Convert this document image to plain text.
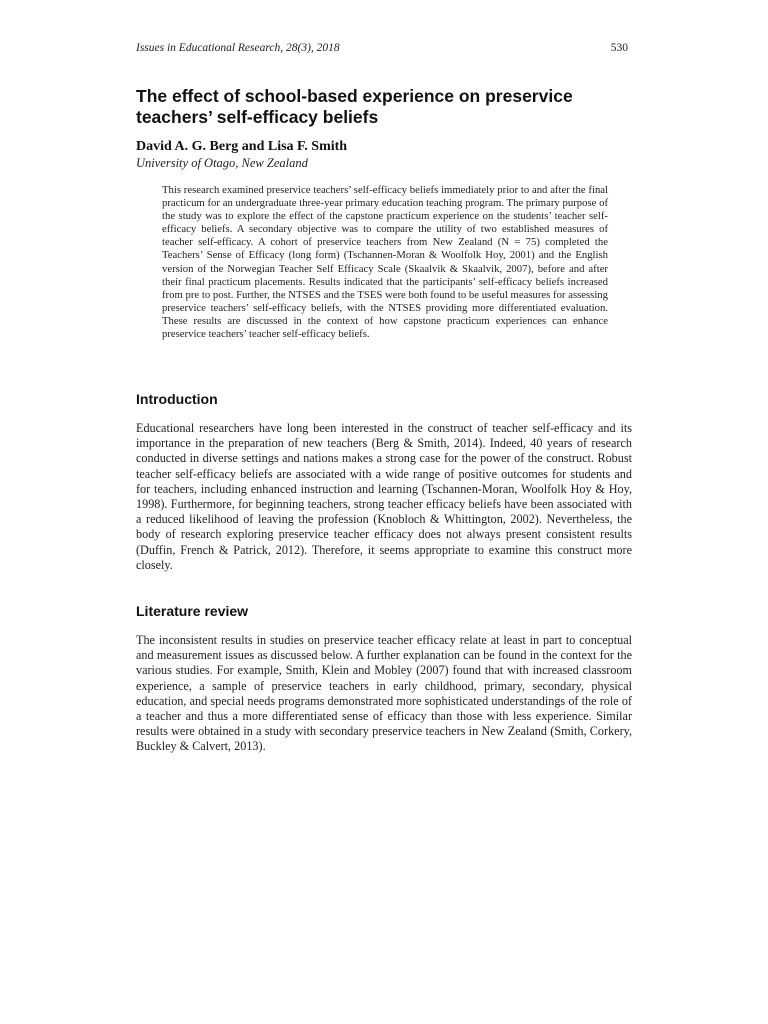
Issues in Educational Research, 28(3), 2018	530
The effect of school-based experience on preservice teachers’ self-efficacy beliefs

David A. G. Berg and Lisa F. Smith

University of Otago, New Zealand

This research examined preservice teachers’ self-efficacy beliefs immediately prior to and after the final practicum for an undergraduate three-year primary education teaching program. The primary purpose of the study was to explore the effect of the capstone practicum experience on the students’ teacher self-efficacy beliefs. A secondary objective was to compare the utility of two established measures of teacher self-efficacy. A cohort of preservice teachers from New Zealand (N = 75) completed the Teachers’ Sense of Efficacy (long form) (Tschannen-Moran & Woolfolk Hoy, 2001) and the English version of the Norwegian Teacher Self Efficacy Scale (Skaalvik & Skaalvik, 2007), before and after their final practicum placements. Results indicated that the participants’ self-efficacy beliefs increased from pre to post. Further, the NTSES and the TSES were both found to be useful measures for assessing preservice teachers’ self-efficacy beliefs, with the NTSES providing more differentiated evaluation. These results are discussed in the context of how capstone practicum experiences can enhance preservice teachers’ teacher self-efficacy beliefs.

Introduction

Educational researchers have long been interested in the construct of teacher self-efficacy and its importance in the preparation of new teachers (Berg & Smith, 2014). Indeed, 40 years of research conducted in diverse settings and nations makes a strong case for the power of the construct. Robust teacher self-efficacy beliefs are associated with a wide range of positive outcomes for students and for teachers, including enhanced instruction and learning (Tschannen-Moran, Woolfolk Hoy & Hoy, 1998). Furthermore, for beginning teachers, strong teacher efficacy beliefs have been associated with a reduced likelihood of leaving the profession (Knobloch & Whittington, 2002). Nevertheless, the body of research exploring preservice teacher efficacy does not always present consistent results (Duffin, French & Patrick, 2012). Therefore, it seems appropriate to examine this construct more closely.

Literature review

The inconsistent results in studies on preservice teacher efficacy relate at least in part to conceptual and measurement issues as discussed below. A further explanation can be found in the context for the various studies. For example, Smith, Klein and Mobley (2007) found that with increased classroom experience, a sample of preservice teachers in early childhood, primary, secondary, physical education, and special needs programs demonstrated more sophisticated understandings of the role of a teacher and thus a more differentiated sense of efficacy than those with less experience. Similar results were obtained in a study with secondary preservice teachers in New Zealand (Smith, Corkery, Buckley & Calvert, 2013).
